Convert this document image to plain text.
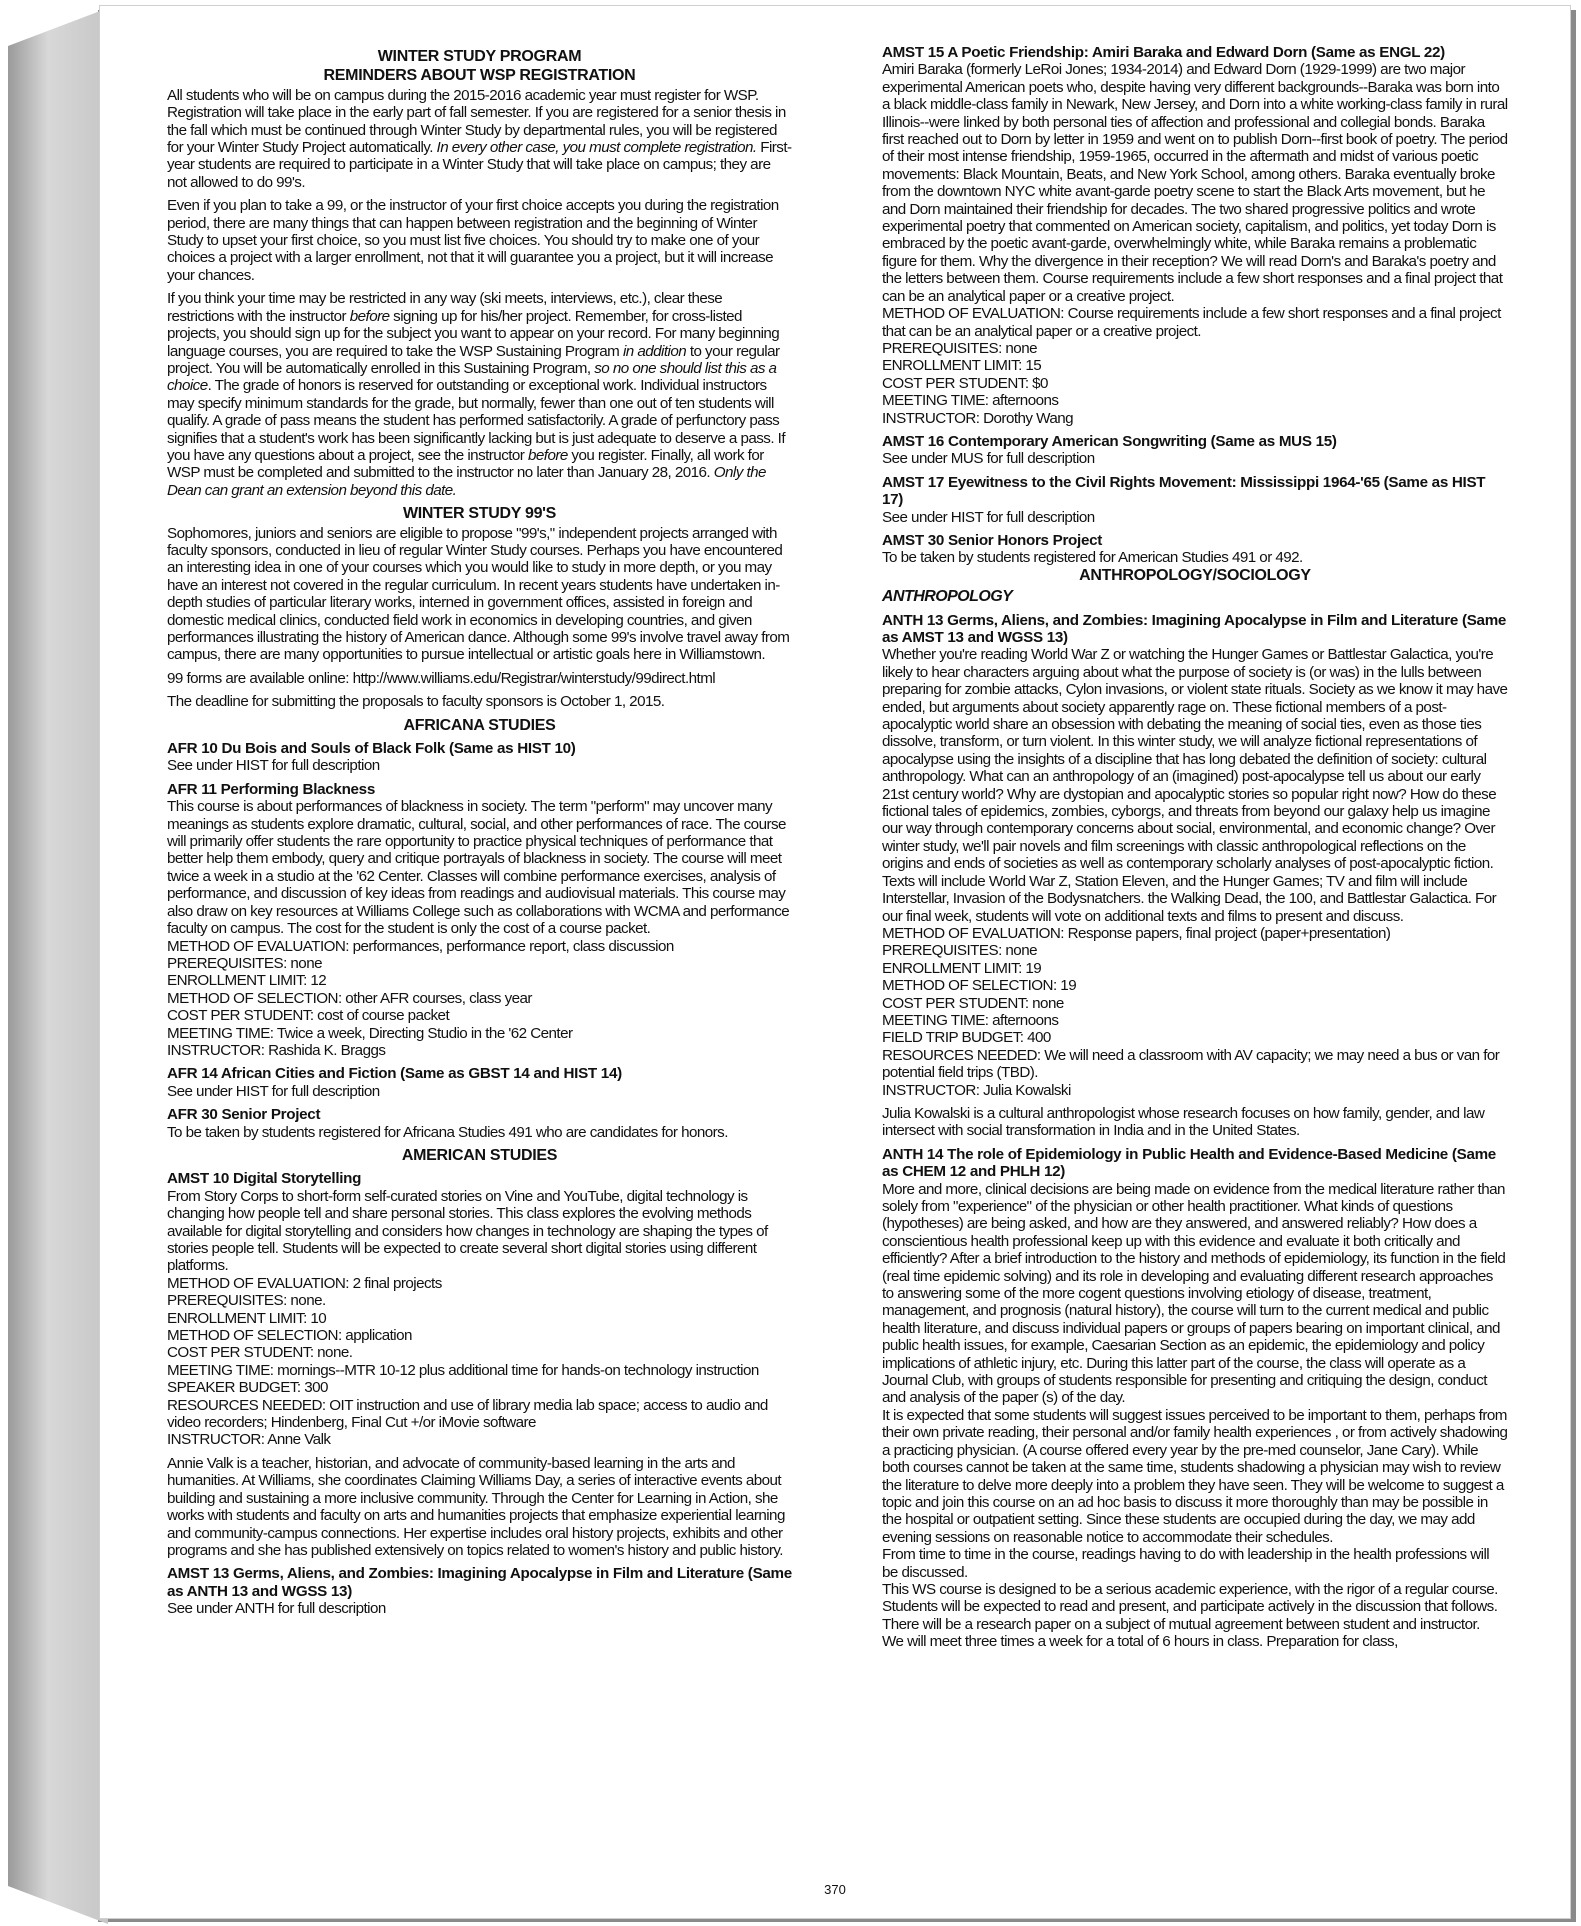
WINTER STUDY PROGRAM
REMINDERS ABOUT WSP REGISTRATION

All students who will be on campus during the 2015-2016 academic year must register for WSP. Registration will take place in the early part of fall semester. If you are registered for a senior thesis in the fall which must be continued through Winter Study by departmental rules, you will be registered for your Winter Study Project automatically. In every other case, you must complete registration. First-year students are required to participate in a Winter Study that will take place on campus; they are not allowed to do 99's.

Even if you plan to take a 99, or the instructor of your first choice accepts you during the registration period, there are many things that can happen between registration and the beginning of Winter Study to upset your first choice, so you must list five choices. You should try to make one of your choices a project with a larger enrollment, not that it will guarantee you a project, but it will increase your chances.

If you think your time may be restricted in any way (ski meets, interviews, etc.), clear these restrictions with the instructor before signing up for his/her project. Remember, for cross-listed projects, you should sign up for the subject you want to appear on your record. For many beginning language courses, you are required to take the WSP Sustaining Program in addition to your regular project. You will be automatically enrolled in this Sustaining Program, so no one should list this as a choice. The grade of honors is reserved for outstanding or exceptional work. Individual instructors may specify minimum standards for the grade, but normally, fewer than one out of ten students will qualify. A grade of pass means the student has performed satisfactorily. A grade of perfunctory pass signifies that a student's work has been significantly lacking but is just adequate to deserve a pass. If you have any questions about a project, see the instructor before you register. Finally, all work for WSP must be completed and submitted to the instructor no later than January 28, 2016. Only the Dean can grant an extension beyond this date.

WINTER STUDY 99'S

Sophomores, juniors and seniors are eligible to propose "99's," independent projects arranged with faculty sponsors, conducted in lieu of regular Winter Study courses. Perhaps you have encountered an interesting idea in one of your courses which you would like to study in more depth, or you may have an interest not covered in the regular curriculum. In recent years students have undertaken in-depth studies of particular literary works, interned in government offices, assisted in foreign and domestic medical clinics, conducted field work in economics in developing countries, and given performances illustrating the history of American dance. Although some 99's involve travel away from campus, there are many opportunities to pursue intellectual or artistic goals here in Williamstown.

99 forms are available online: http://www.williams.edu/Registrar/winterstudy/99direct.html

The deadline for submitting the proposals to faculty sponsors is October 1, 2015.

AFRICANA STUDIES
AFR 10 Du Bois and Souls of Black Folk (Same as HIST 10)

See under HIST for full description

AFR 11 Performing Blackness

This course is about performances of blackness in society. The term "perform" may uncover many meanings as students explore dramatic, cultural, social, and other performances of race. The course will primarily offer students the rare opportunity to practice physical techniques of performance that better help them embody, query and critique portrayals of blackness in society. The course will meet twice a week in a studio at the '62 Center. Classes will combine performance exercises, analysis of performance, and discussion of key ideas from readings and audiovisual materials. This course may also draw on key resources at Williams College such as collaborations with WCMA and performance faculty on campus. The cost for the student is only the cost of a course packet.

METHOD OF EVALUATION: performances, performance report, class discussion

PREREQUISITES: none

ENROLLMENT LIMIT: 12

METHOD OF SELECTION: other AFR courses, class year

COST PER STUDENT: cost of course packet

MEETING TIME: Twice a week, Directing Studio in the '62 Center

INSTRUCTOR: Rashida K. Braggs

AFR 14 African Cities and Fiction (Same as GBST 14 and HIST 14)

See under HIST for full description

AFR 30 Senior Project

To be taken by students registered for Africana Studies 491 who are candidates for honors.

AMERICAN STUDIES
AMST 10 Digital Storytelling

From Story Corps to short-form self-curated stories on Vine and YouTube, digital technology is changing how people tell and share personal stories. This class explores the evolving methods available for digital storytelling and considers how changes in technology are shaping the types of stories people tell. Students will be expected to create several short digital stories using different platforms.

METHOD OF EVALUATION: 2 final projects

PREREQUISITES: none.

ENROLLMENT LIMIT: 10

METHOD OF SELECTION: application

COST PER STUDENT: none.

MEETING TIME: mornings--MTR 10-12 plus additional time for hands-on technology instruction

SPEAKER BUDGET: 300

RESOURCES NEEDED: OIT instruction and use of library media lab space; access to audio and video recorders; Hindenberg, Final Cut +/or iMovie software

INSTRUCTOR: Anne Valk

Annie Valk is a teacher, historian, and advocate of community-based learning in the arts and humanities. At Williams, she coordinates Claiming Williams Day, a series of interactive events about building and sustaining a more inclusive community. Through the Center for Learning in Action, she works with students and faculty on arts and humanities projects that emphasize experiential learning and community-campus connections. Her expertise includes oral history projects, exhibits and other programs and she has published extensively on topics related to women's history and public history.

AMST 13 Germs, Aliens, and Zombies: Imagining Apocalypse in Film and Literature (Same as ANTH 13 and WGSS 13)

See under ANTH for full description

AMST 15 A Poetic Friendship: Amiri Baraka and Edward Dorn (Same as ENGL 22)

Amiri Baraka (formerly LeRoi Jones; 1934-2014) and Edward Dorn (1929-1999) are two major experimental American poets who, despite having very different backgrounds--Baraka was born into a black middle-class family in Newark, New Jersey, and Dorn into a white working-class family in rural Illinois--were linked by both personal ties of affection and professional and collegial bonds. Baraka first reached out to Dorn by letter in 1959 and went on to publish Dorn--first book of poetry. The period of their most intense friendship, 1959-1965, occurred in the aftermath and midst of various poetic movements: Black Mountain, Beats, and New York School, among others. Baraka eventually broke from the downtown NYC white avant-garde poetry scene to start the Black Arts movement, but he and Dorn maintained their friendship for decades. The two shared progressive politics and wrote experimental poetry that commented on American society, capitalism, and politics, yet today Dorn is embraced by the poetic avant-garde, overwhelmingly white, while Baraka remains a problematic figure for them. Why the divergence in their reception? We will read Dorn's and Baraka's poetry and the letters between them. Course requirements include a few short responses and a final project that can be an analytical paper or a creative project.

METHOD OF EVALUATION: Course requirements include a few short responses and a final project that can be an analytical paper or a creative project.

PREREQUISITES: none

ENROLLMENT LIMIT: 15

COST PER STUDENT: $0

MEETING TIME: afternoons

INSTRUCTOR: Dorothy Wang

AMST 16 Contemporary American Songwriting (Same as MUS 15)

See under MUS for full description

AMST 17 Eyewitness to the Civil Rights Movement: Mississippi 1964-'65 (Same as HIST 17)

See under HIST for full description

AMST 30 Senior Honors Project

To be taken by students registered for American Studies 491 or 492.

ANTHROPOLOGY/SOCIOLOGY
ANTHROPOLOGY
ANTH 13 Germs, Aliens, and Zombies: Imagining Apocalypse in Film and Literature (Same as AMST 13 and WGSS 13)

Whether you're reading World War Z or watching the Hunger Games or Battlestar Galactica, you're likely to hear characters arguing about what the purpose of society is (or was) in the lulls between preparing for zombie attacks, Cylon invasions, or violent state rituals. Society as we know it may have ended, but arguments about society apparently rage on. These fictional members of a post-apocalyptic world share an obsession with debating the meaning of social ties, even as those ties dissolve, transform, or turn violent. In this winter study, we will analyze fictional representations of apocalypse using the insights of a discipline that has long debated the definition of society: cultural anthropology. What can an anthropology of an (imagined) post-apocalypse tell us about our early 21st century world? Why are dystopian and apocalyptic stories so popular right now? How do these fictional tales of epidemics, zombies, cyborgs, and threats from beyond our galaxy help us imagine our way through contemporary concerns about social, environmental, and economic change? Over winter study, we'll pair novels and film screenings with classic anthropological reflections on the origins and ends of societies as well as contemporary scholarly analyses of post-apocalyptic fiction. Texts will include World War Z, Station Eleven, and the Hunger Games; TV and film will include Interstellar, Invasion of the Bodysnatchers. the Walking Dead, the 100, and Battlestar Galactica. For our final week, students will vote on additional texts and films to present and discuss.

METHOD OF EVALUATION: Response papers, final project (paper+presentation)

PREREQUISITES: none

ENROLLMENT LIMIT: 19

METHOD OF SELECTION: 19

COST PER STUDENT: none

MEETING TIME: afternoons

FIELD TRIP BUDGET: 400

RESOURCES NEEDED: We will need a classroom with AV capacity; we may need a bus or van for potential field trips (TBD).

INSTRUCTOR: Julia Kowalski

Julia Kowalski is a cultural anthropologist whose research focuses on how family, gender, and law intersect with social transformation in India and in the United States.

ANTH 14 The role of Epidemiology in Public Health and Evidence-Based Medicine (Same as CHEM 12 and PHLH 12)

More and more, clinical decisions are being made on evidence from the medical literature rather than solely from "experience" of the physician or other health practitioner. What kinds of questions (hypotheses) are being asked, and how are they answered, and answered reliably? How does a conscientious health professional keep up with this evidence and evaluate it both critically and efficiently? After a brief introduction to the history and methods of epidemiology, its function in the field (real time epidemic solving) and its role in developing and evaluating different research approaches to answering some of the more cogent questions involving etiology of disease, treatment, management, and prognosis (natural history), the course will turn to the current medical and public health literature, and discuss individual papers or groups of papers bearing on important clinical, and public health issues, for example, Caesarian Section as an epidemic, the epidemiology and policy implications of athletic injury, etc. During this latter part of the course, the class will operate as a Journal Club, with groups of students responsible for presenting and critiquing the design, conduct and analysis of the paper (s) of the day.

It is expected that some students will suggest issues perceived to be important to them, perhaps from their own private reading, their personal and/or family health experiences , or from actively shadowing a practicing physician. (A course offered every year by the pre-med counselor, Jane Cary). While both courses cannot be taken at the same time, students shadowing a physician may wish to review the literature to delve more deeply into a problem they have seen. They will be welcome to suggest a topic and join this course on an ad hoc basis to discuss it more thoroughly than may be possible in the hospital or outpatient setting. Since these students are occupied during the day, we may add evening sessions on reasonable notice to accommodate their schedules.

From time to time in the course, readings having to do with leadership in the health professions will be discussed.

This WS course is designed to be a serious academic experience, with the rigor of a regular course. Students will be expected to read and present, and participate actively in the discussion that follows. There will be a research paper on a subject of mutual agreement between student and instructor.

We will meet three times a week for a total of 6 hours in class. Preparation for class,

370
